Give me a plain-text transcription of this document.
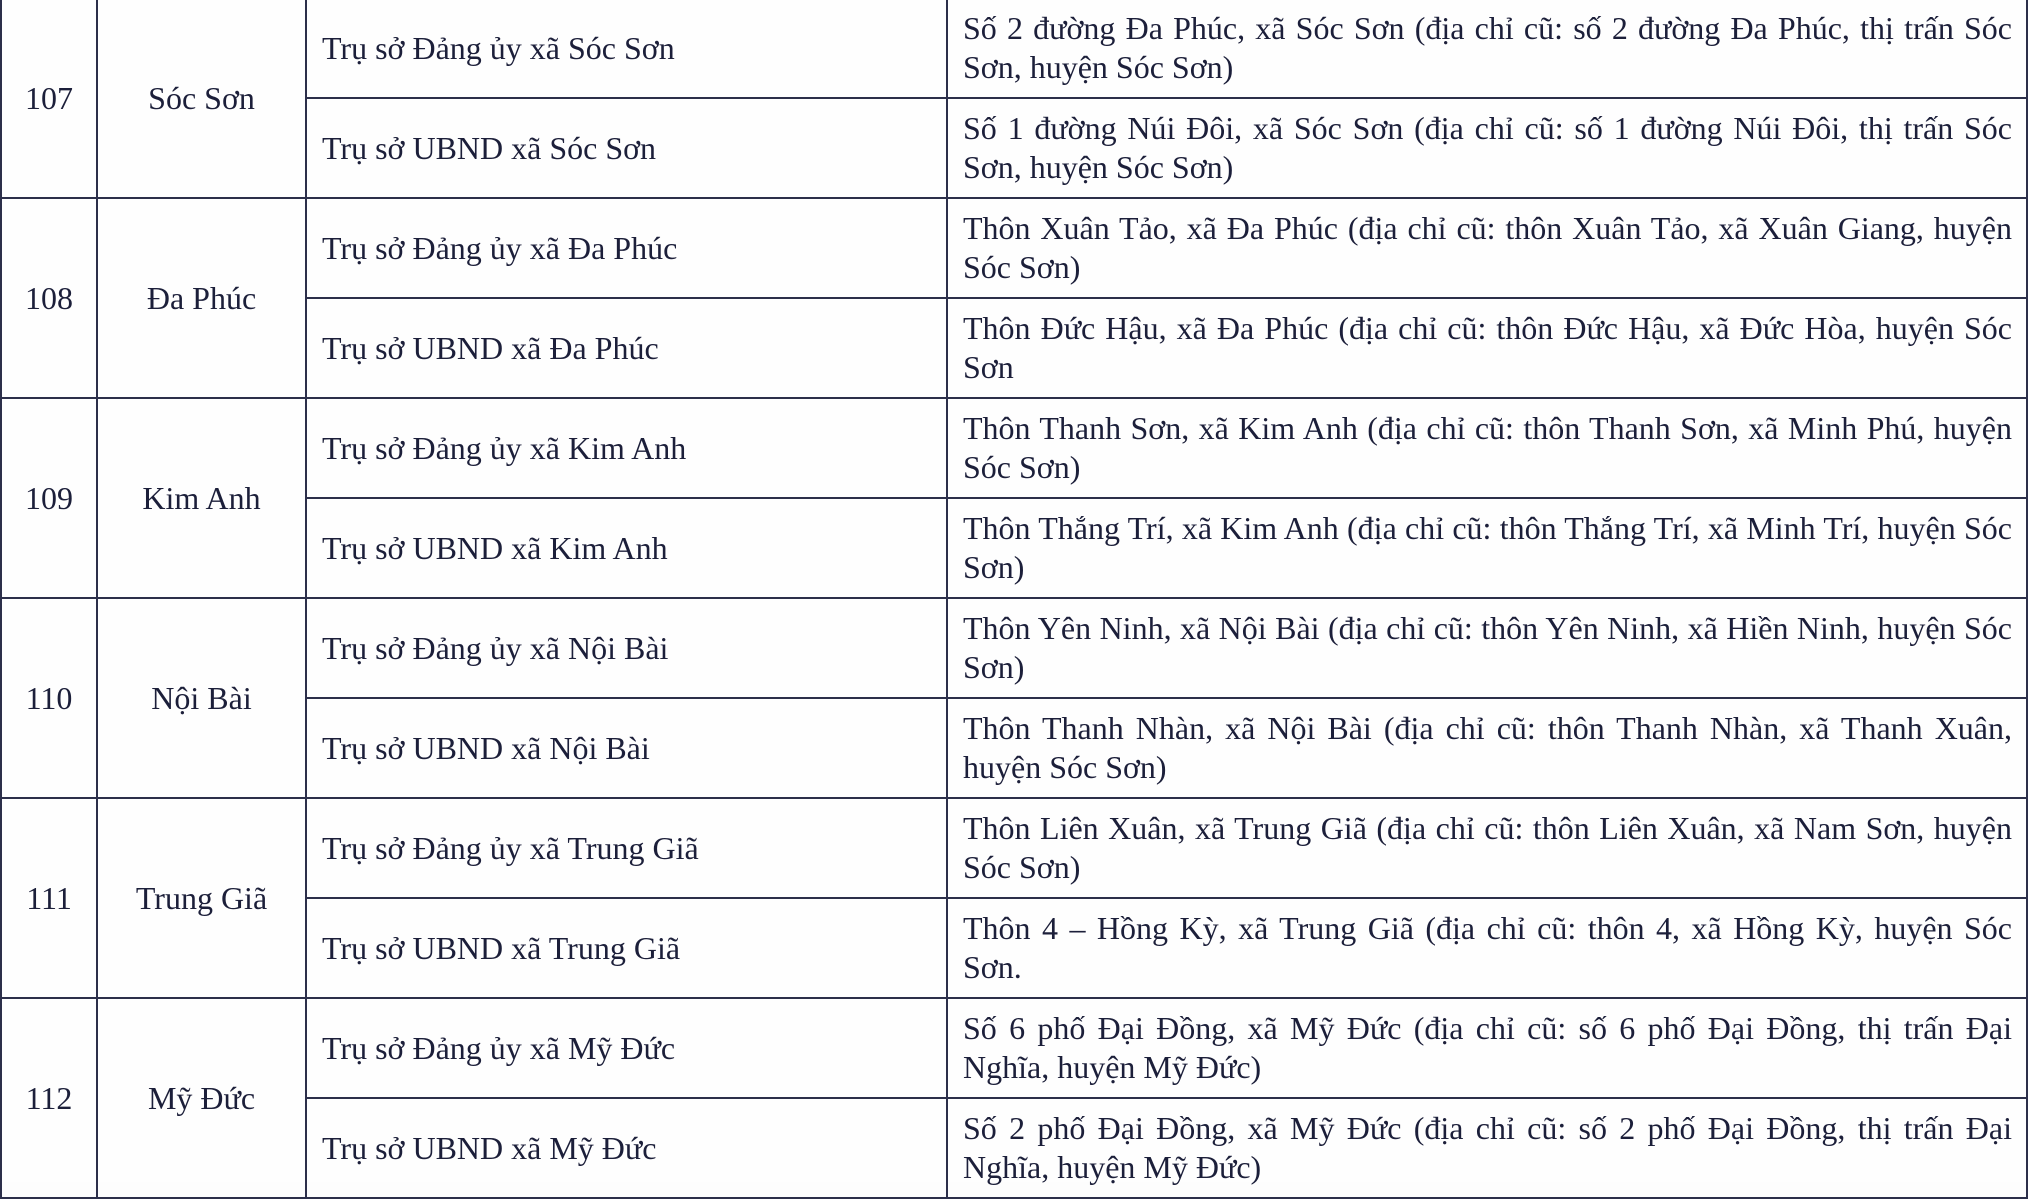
107	Sóc Sơn	Trụ sở Đảng ủy xã Sóc Sơn	Số 2 đường Đa Phúc, xã Sóc Sơn (địa chỉ cũ: số 2 đường Đa Phúc, thị trấn Sóc Sơn, huyện Sóc Sơn)
		Trụ sở UBND xã Sóc Sơn	Số 1 đường Núi Đôi, xã Sóc Sơn (địa chỉ cũ: số 1 đường Núi Đôi, thị trấn Sóc Sơn, huyện Sóc Sơn)
108	Đa Phúc	Trụ sở Đảng ủy xã Đa Phúc	Thôn Xuân Tảo, xã Đa Phúc (địa chỉ cũ: thôn Xuân Tảo, xã Xuân Giang, huyện Sóc Sơn)
		Trụ sở UBND xã Đa Phúc	Thôn Đức Hậu, xã Đa Phúc (địa chỉ cũ: thôn Đức Hậu, xã Đức Hòa, huyện Sóc Sơn
109	Kim Anh	Trụ sở Đảng ủy xã Kim Anh	Thôn Thanh Sơn, xã Kim Anh (địa chỉ cũ: thôn Thanh Sơn, xã Minh Phú, huyện Sóc Sơn)
		Trụ sở UBND xã Kim Anh	Thôn Thắng Trí, xã Kim Anh (địa chỉ cũ: thôn Thắng Trí, xã Minh Trí, huyện Sóc Sơn)
110	Nội Bài	Trụ sở Đảng ủy xã Nội Bài	Thôn Yên Ninh, xã Nội Bài (địa chỉ cũ: thôn Yên Ninh, xã Hiền Ninh, huyện Sóc Sơn)
		Trụ sở UBND xã Nội Bài	Thôn Thanh Nhàn, xã Nội Bài (địa chỉ cũ: thôn Thanh Nhàn, xã Thanh Xuân, huyện Sóc Sơn)
111	Trung Giã	Trụ sở Đảng ủy xã Trung Giã	Thôn Liên Xuân, xã Trung Giã (địa chỉ cũ: thôn Liên Xuân, xã Nam Sơn, huyện Sóc Sơn)
		Trụ sở UBND xã Trung Giã	Thôn 4 – Hồng Kỳ, xã Trung Giã (địa chỉ cũ: thôn 4, xã Hồng Kỳ, huyện Sóc Sơn.
112	Mỹ Đức	Trụ sở Đảng ủy xã Mỹ Đức	Số 6 phố Đại Đồng, xã Mỹ Đức (địa chỉ cũ: số 6 phố Đại Đồng, thị trấn Đại Nghĩa, huyện Mỹ Đức)
		Trụ sở UBND xã Mỹ Đức	Số 2 phố Đại Đồng, xã Mỹ Đức (địa chỉ cũ: số 2 phố Đại Đồng, thị trấn Đại Nghĩa, huyện Mỹ Đức)
